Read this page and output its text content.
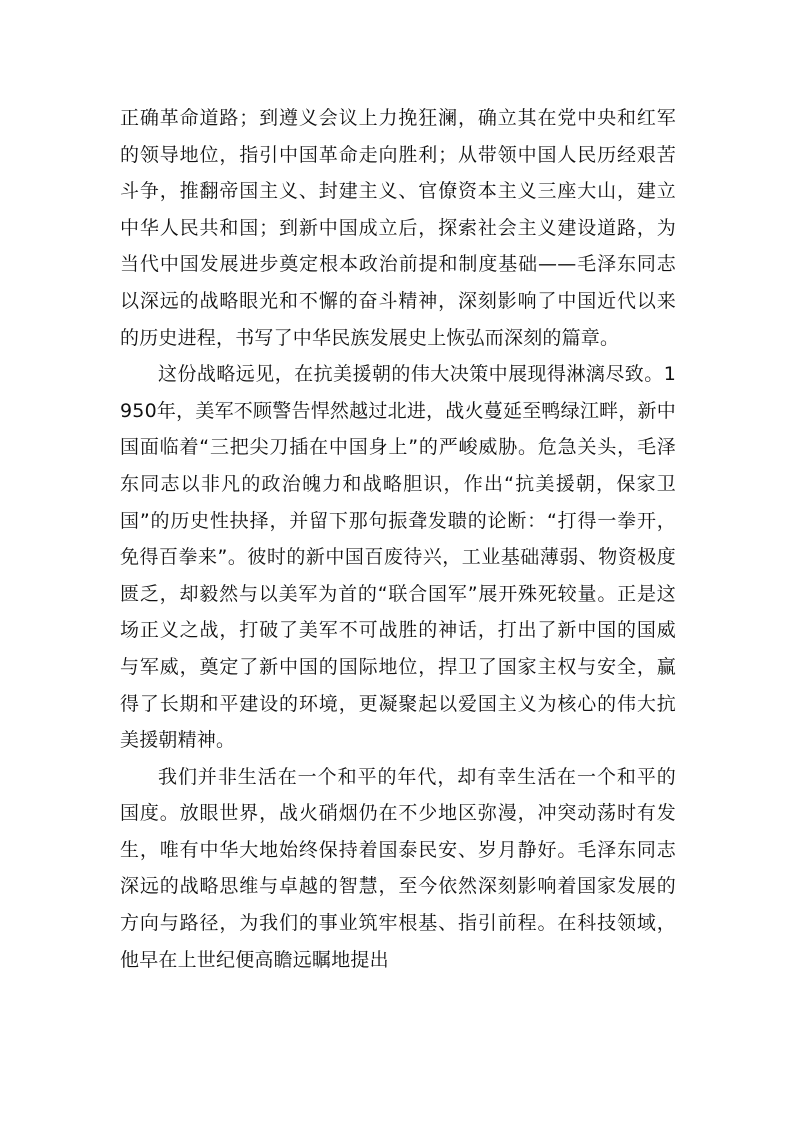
正确革命道路；到遵义会议上力挽狂澜，确立其在党中央和红军的领导地位，指引中国革命走向胜利；从带领中国人民历经艰苦斗争，推翻帝国主义、封建主义、官僚资本主义三座大山，建立中华人民共和国；到新中国成立后，探索社会主义建设道路，为当代中国发展进步奠定根本政治前提和制度基础——毛泽东同志以深远的战略眼光和不懈的奋斗精神，深刻影响了中国近代以来的历史进程，书写了中华民族发展史上恢弘而深刻的篇章。

这份战略远见，在抗美援朝的伟大决策中展现得淋漓尽致。1950年，美军不顾警告悍然越过北进，战火蔓延至鸭绿江畔，新中国面临着“三把尖刀插在中国身上”的严峻威胁。危急关头，毛泽东同志以非凡的政治魄力和战略胆识，作出“抗美援朝，保家卫国”的历史性抉择，并留下那句振聋发聩的论断：“打得一拳开，免得百拳来”。彼时的新中国百废待兴，工业基础薄弱、物资极度匮乏，却毅然与以美军为首的“联合国军”展开殊死较量。正是这场正义之战，打破了美军不可战胜的神话，打出了新中国的国威与军威，奠定了新中国的国际地位，捍卫了国家主权与安全，赢得了长期和平建设的环境，更凝聚起以爱国主义为核心的伟大抗美援朝精神。

我们并非生活在一个和平的年代，却有幸生活在一个和平的国度。放眼世界，战火硝烟仍在不少地区弥漫，冲突动荡时有发生，唯有中华大地始终保持着国泰民安、岁月静好。毛泽东同志深远的战略思维与卓越的智慧，至今依然深刻影响着国家发展的方向与路径，为我们的事业筑牢根基、指引前程。在科技领域，他早在上世纪便高瞻远瞩地提出
